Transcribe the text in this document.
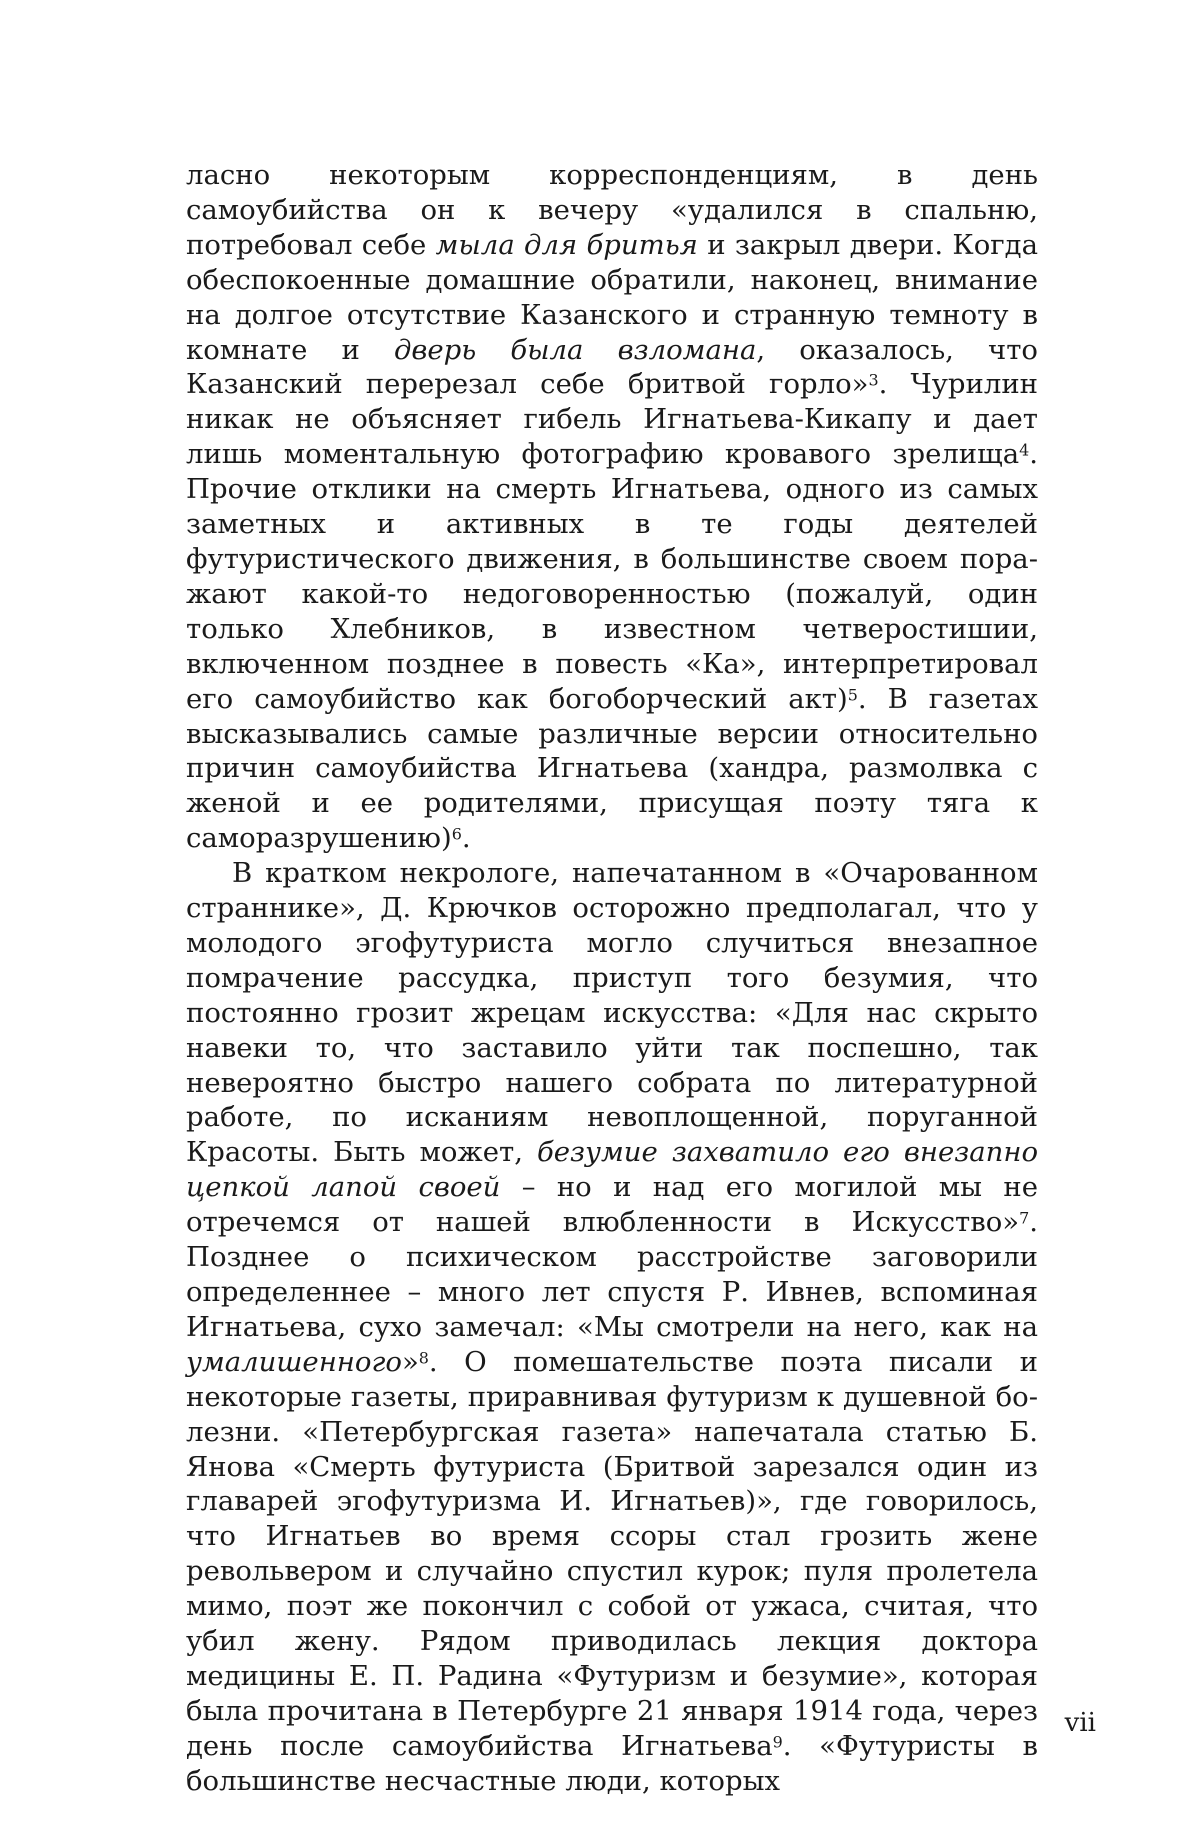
ласно некоторым корреспонденциям, в день самоубийства он к вечеру «удалился в спальню, потребовал себе мыла для бритья и закрыл двери. Когда обеспокоенные домашние обратили, наконец, внимание на долгое отсутствие Казанского и странную темноту в комнате и дверь была взломана, оказалось, что Казанский перерезал себе бритвой горло»$^3$. Чурилин никак не объясняет гибель Игнатьева-Кикапу и дает лишь моментальную фотографию кровавого зрелища$^4$. Прочие отклики на смерть Игнатьева, одного из самых заметных и активных в те годы деятелей футуристического движения, в большинстве своем поражают какой-то недоговоренностью (пожалуй, один только Хлебников, в известном четверостишии, включенном позднее в повесть «Ка», интерпретировал его самоубийство как богоборческий акт)$^5$. В газетах высказывались самые различные версии относительно причин самоубийства Игнатьева (хандра, размолвка с женой и ее родителями, присущая поэту тяга к саморазрушению)$^6$.

В кратком некрологе, напечатанном в «Очарованном страннике», Д. Крючков осторожно предполагал, что у молодого эгофутуриста могло случиться внезапное помрачение рассудка, приступ того безумия, что постоянно грозит жрецам искусства: «Для нас скрыто навеки то, что заставило уйти так поспешно, так невероятно быстро нашего собрата по литературной работе, по исканиям невоплощенной, поруганной Красоты. Быть может, безумие захватило его внезапно цепкой лапой своей – но и над его могилой мы не отречемся от нашей влюбленности в Искусство»$^7$. Позднее о психическом расстройстве заговорили определеннее – много лет спустя Р. Ивнев, вспоминая Игнатьева, сухо замечал: «Мы смотрели на него, как на умалишенного»$^8$. О помешательстве поэта писали и некоторые газеты, приравнивая футуризм к душевной болезни. «Петербургская газета» напечатала статью Б. Янова «Смерть футуриста (Бритвой зарезался один из главарей эгофутуризма И. Игнатьев)», где говорилось, что Игнатьев во время ссоры стал грозить жене револьвером и случайно спустил курок; пуля пролетела мимо, поэт же покончил с собой от ужаса, считая, что убил жену. Рядом приводилась лекция доктора медицины Е. П. Радина «Футуризм и безумие», которая была прочитана в Петербурге 21 января 1914 года, через день после самоубийства Игнатьева$^9$. «Футуристы в большинстве несчастные люди, которых

vii
